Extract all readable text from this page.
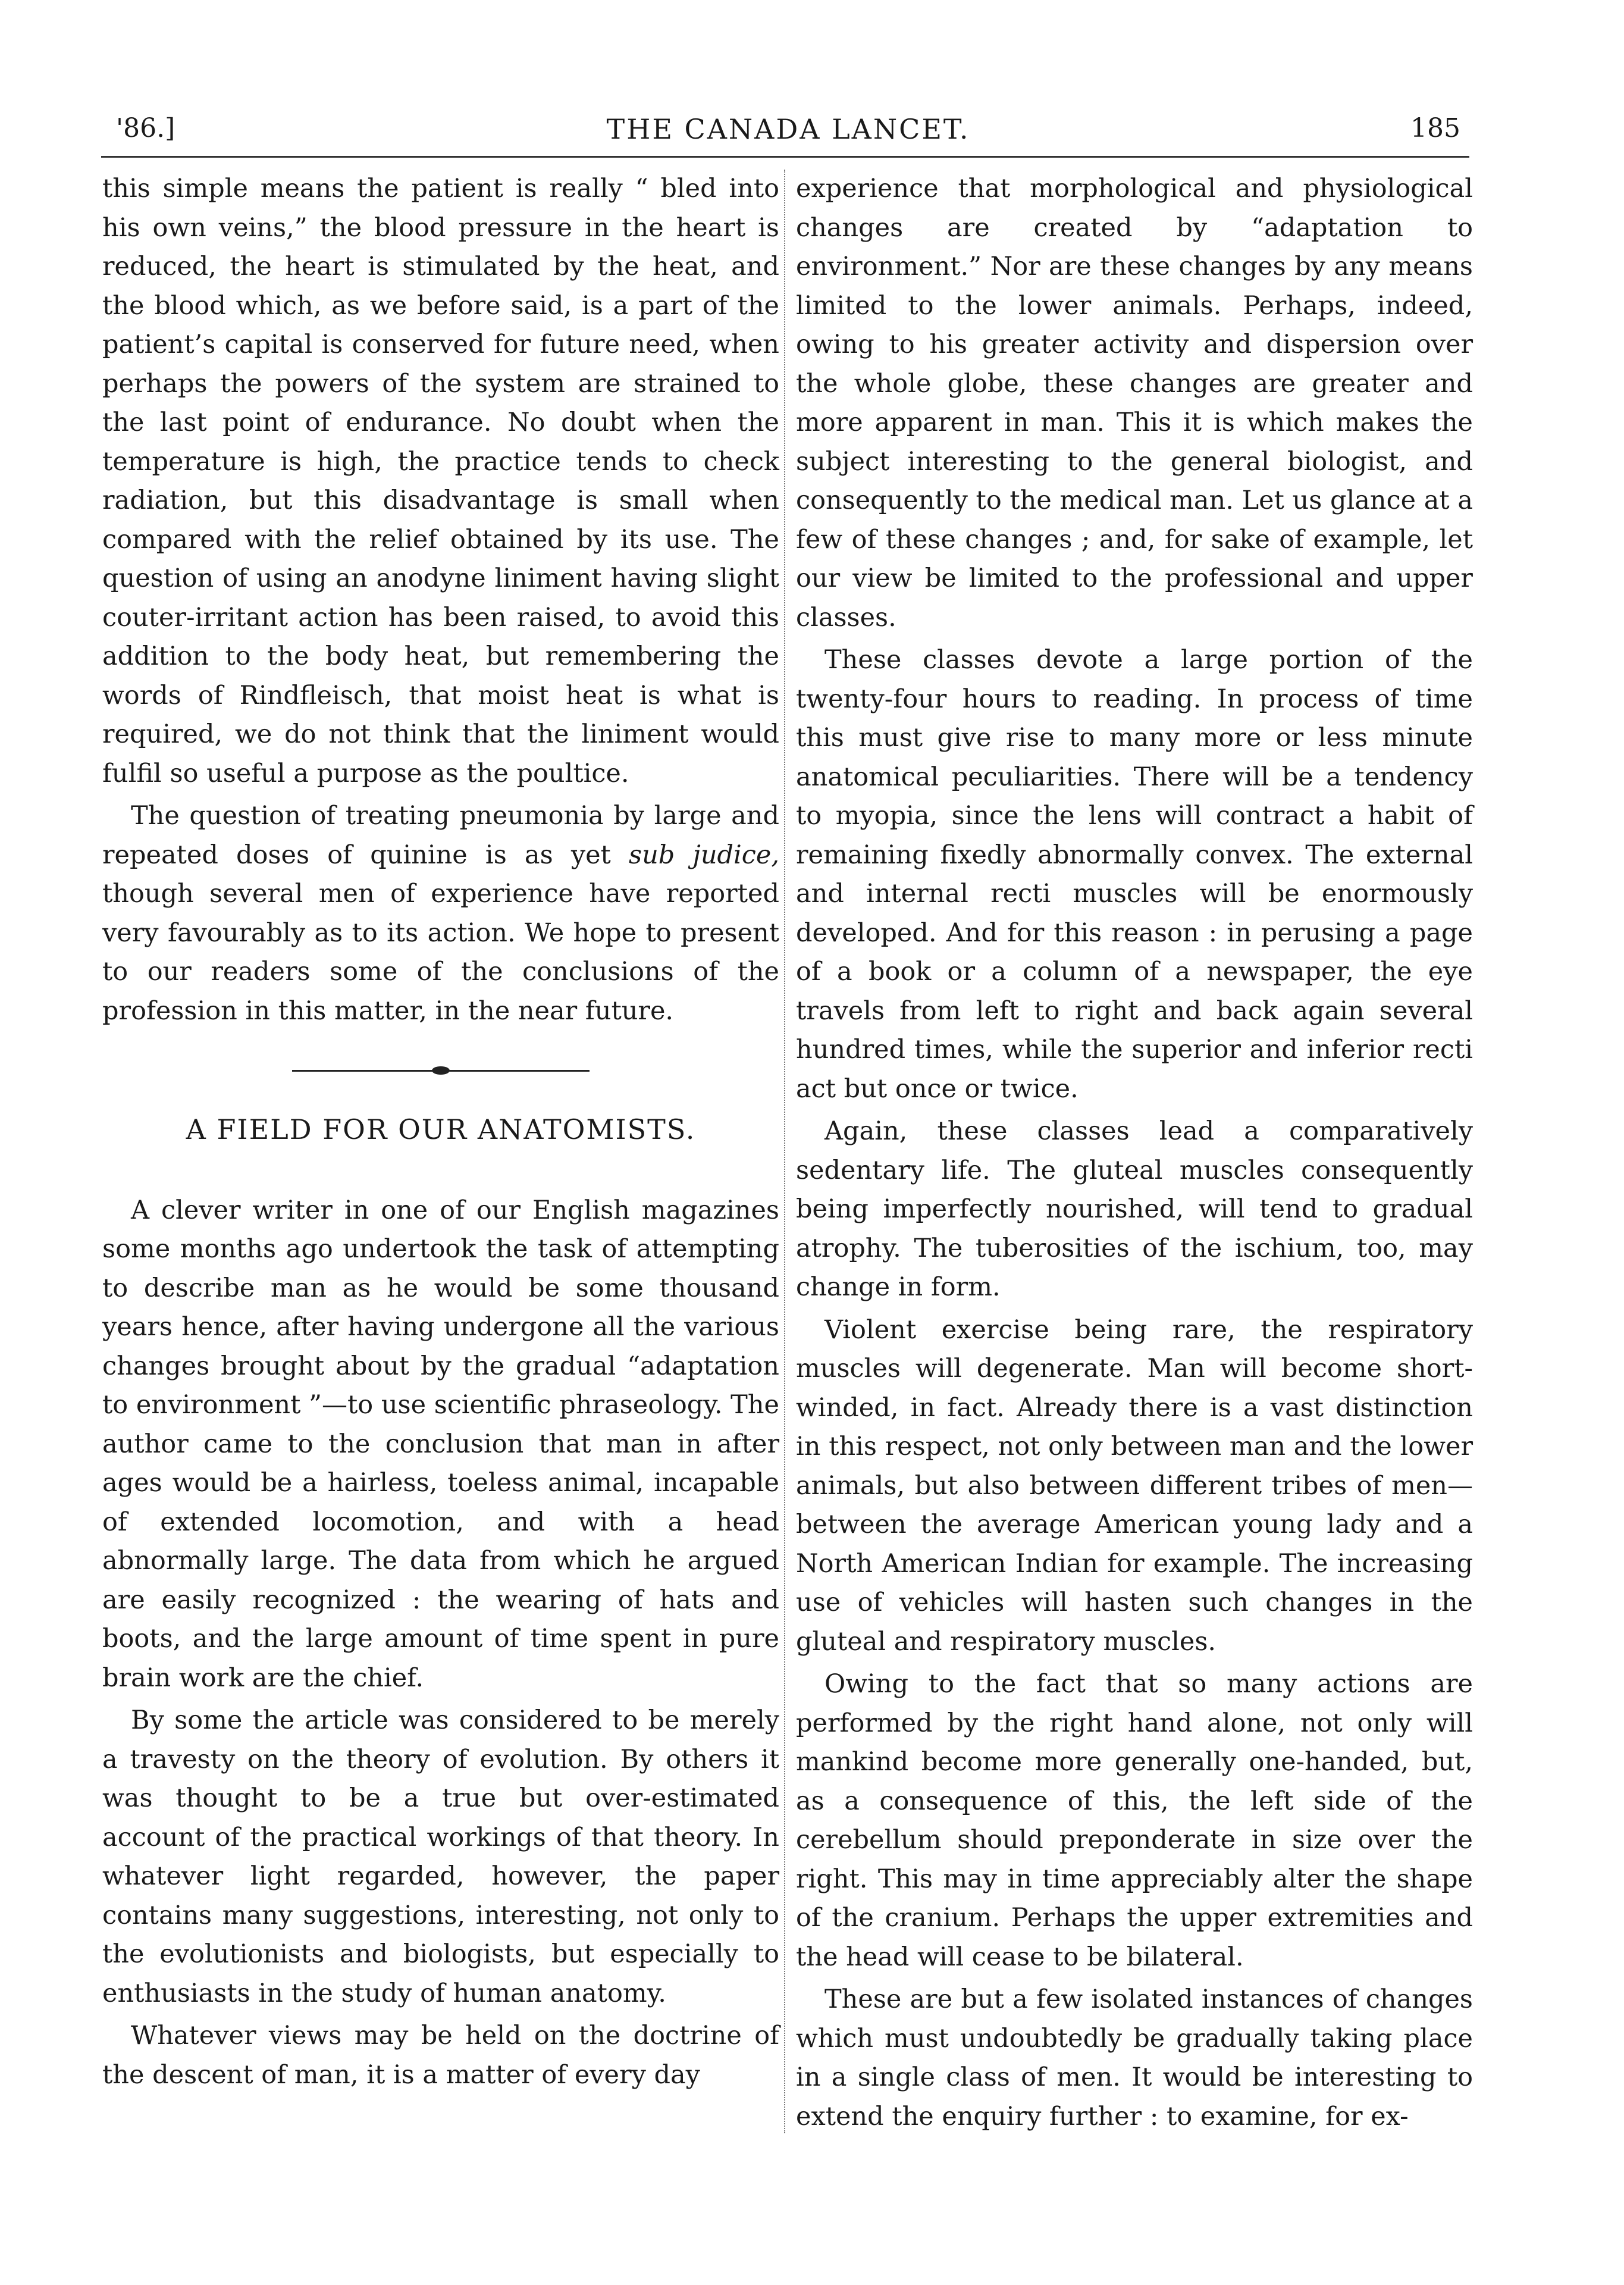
'86.]	THE CANADA LANCET.	185

this simple means the patient is really “ bled into his own veins,” the blood pressure in the heart is reduced, the heart is stimulated by the heat, and the blood which, as we before said, is a part of the patient’s capital is conserved for future need, when perhaps the powers of the system are strained to the last point of endurance. No doubt when the temperature is high, the practice tends to check radiation, but this disadvantage is small when compared with the relief obtained by its use. The question of using an anodyne liniment having slight couter-irritant action has been raised, to avoid this addition to the body heat, but remembering the words of Rindfleisch, that moist heat is what is required, we do not think that the liniment would fulfil so useful a purpose as the poultice.

The question of treating pneumonia by large and repeated doses of quinine is as yet sub judice, though several men of experience have reported very favourably as to its action. We hope to present to our readers some of the conclusions of the profession in this matter, in the near future.

A FIELD FOR OUR ANATOMISTS.

A clever writer in one of our English magazines some months ago undertook the task of attempting to describe man as he would be some thousand years hence, after having undergone all the various changes brought about by the gradual “adaptation to environment ”—to use scientific phraseology. The author came to the conclusion that man in after ages would be a hairless, toeless animal, incapable of extended locomotion, and with a head abnormally large. The data from which he argued are easily recognized : the wearing of hats and boots, and the large amount of time spent in pure brain work are the chief.

By some the article was considered to be merely a travesty on the theory of evolution. By others it was thought to be a true but over-estimated account of the practical workings of that theory. In whatever light regarded, however, the paper contains many suggestions, interesting, not only to the evolutionists and biologists, but especially to enthusiasts in the study of human anatomy.

Whatever views may be held on the doctrine of the descent of man, it is a matter of every day

experience that morphological and physiological changes are created by “adaptation to environment.” Nor are these changes by any means limited to the lower animals. Perhaps, indeed, owing to his greater activity and dispersion over the whole globe, these changes are greater and more apparent in man. This it is which makes the subject interesting to the general biologist, and consequently to the medical man. Let us glance at a few of these changes ; and, for sake of example, let our view be limited to the professional and upper classes.

These classes devote a large portion of the twenty-four hours to reading. In process of time this must give rise to many more or less minute anatomical peculiarities. There will be a tendency to myopia, since the lens will contract a habit of remaining fixedly abnormally convex. The external and internal recti muscles will be enormously developed. And for this reason : in perusing a page of a book or a column of a newspaper, the eye travels from left to right and back again several hundred times, while the superior and inferior recti act but once or twice.

Again, these classes lead a comparatively sedentary life. The gluteal muscles consequently being imperfectly nourished, will tend to gradual atrophy. The tuberosities of the ischium, too, may change in form.

Violent exercise being rare, the respiratory muscles will degenerate. Man will become short-winded, in fact. Already there is a vast distinction in this respect, not only between man and the lower animals, but also between different tribes of men—between the average American young lady and a North American Indian for example. The increasing use of vehicles will hasten such changes in the gluteal and respiratory muscles.

Owing to the fact that so many actions are performed by the right hand alone, not only will mankind become more generally one-handed, but, as a consequence of this, the left side of the cerebellum should preponderate in size over the right. This may in time appreciably alter the shape of the cranium. Perhaps the upper extremities and the head will cease to be bilateral.

These are but a few isolated instances of changes which must undoubtedly be gradually taking place in a single class of men. It would be interesting to extend the enquiry further : to examine, for ex-
